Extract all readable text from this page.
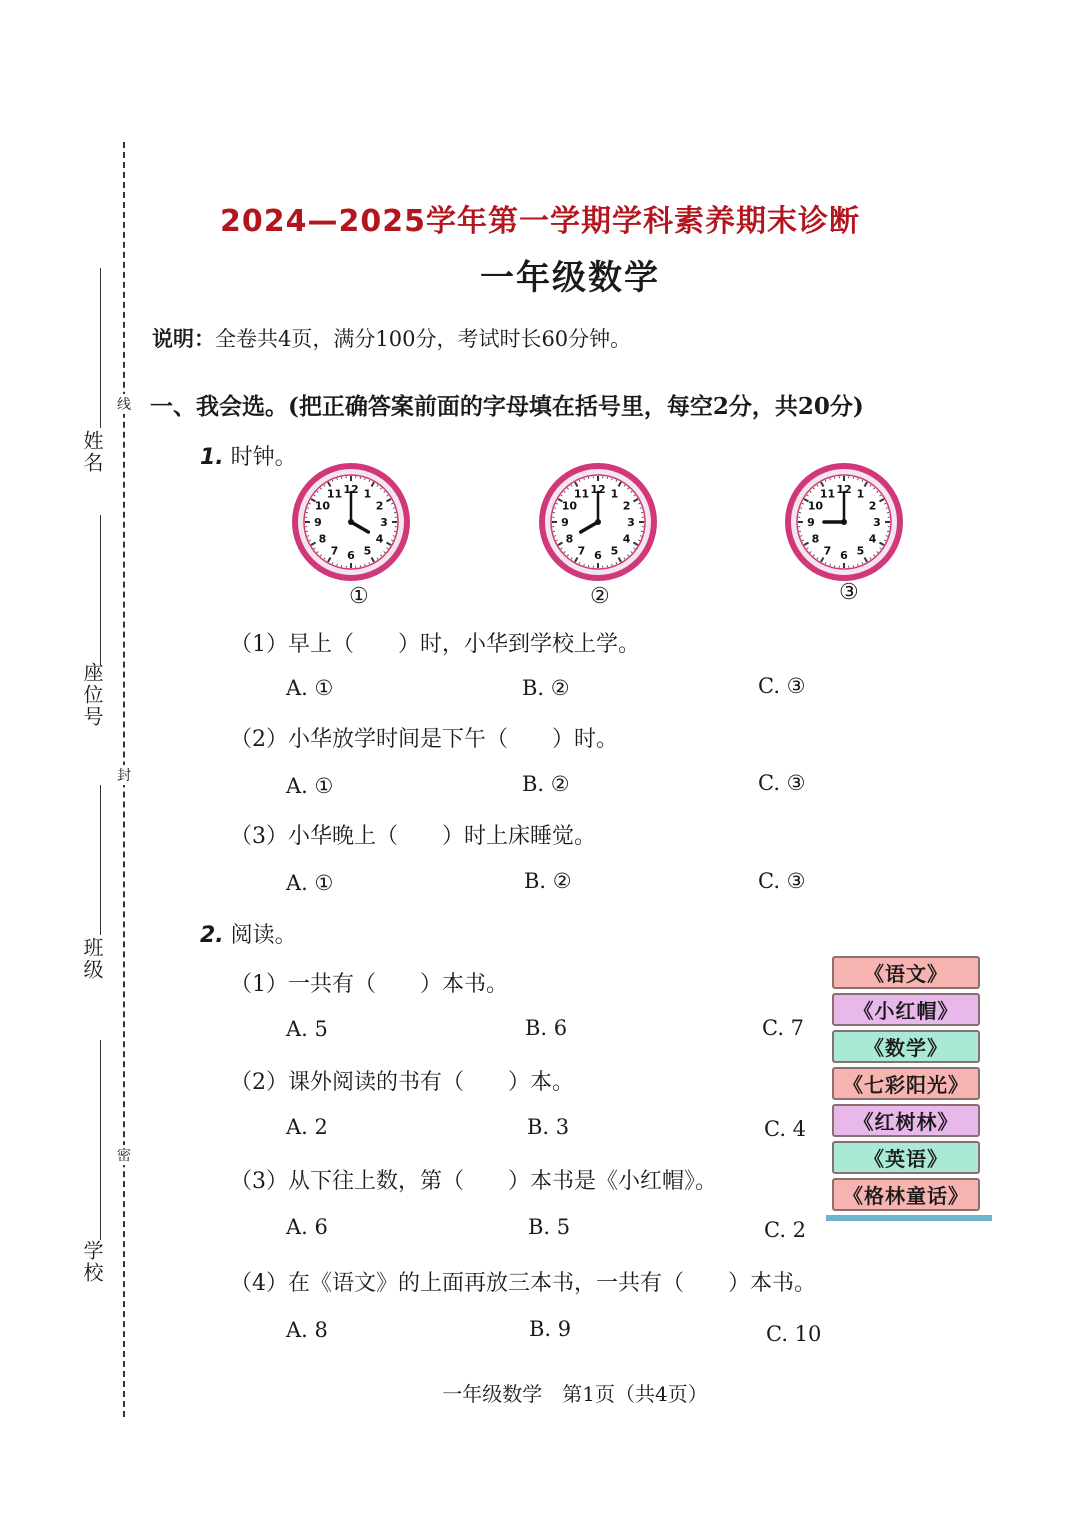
姓名
座位号
班级
学校
线
封
密
2024—2025学年第一学期学科素养期末诊断
一年级数学
说明：全卷共4页，满分100分，考试时长60分钟。
一、我会选。(把正确答案前面的字母填在括号里，每空2分，共20分)
1. 时钟。
1
2
3
4
5
6
7
8
9
10
11 12	1
2
3
4
5
6
7
8
9
10
11 12	1
2
3
4
5
6
7
8
9
10
11 12
①	②	③
（1）早上（　　）时，小华到学校上学。
A. ①	B. ②	C. ③
（2）小华放学时间是下午（　　）时。
A. ①	B. ②	C. ③
（3）小华晚上（　　）时上床睡觉。
A. ①	B. ②	C. ③
2. 阅读。
（1）一共有（　　）本书。
A. 5	B. 6	C. 7
（2）课外阅读的书有（　　）本。
A. 2	B. 3	C. 4
（3）从下往上数，第（　　）本书是《小红帽》。
A. 6	B. 5	C. 2
（4）在《语文》的上面再放三本书，一共有（　　）本书。
A. 8	B. 9	C. 10
《语文》
《小红帽》
《数学》
《七彩阳光》
《红树林》
《英语》
《格林童话》
一年级数学　第1页（共4页）
